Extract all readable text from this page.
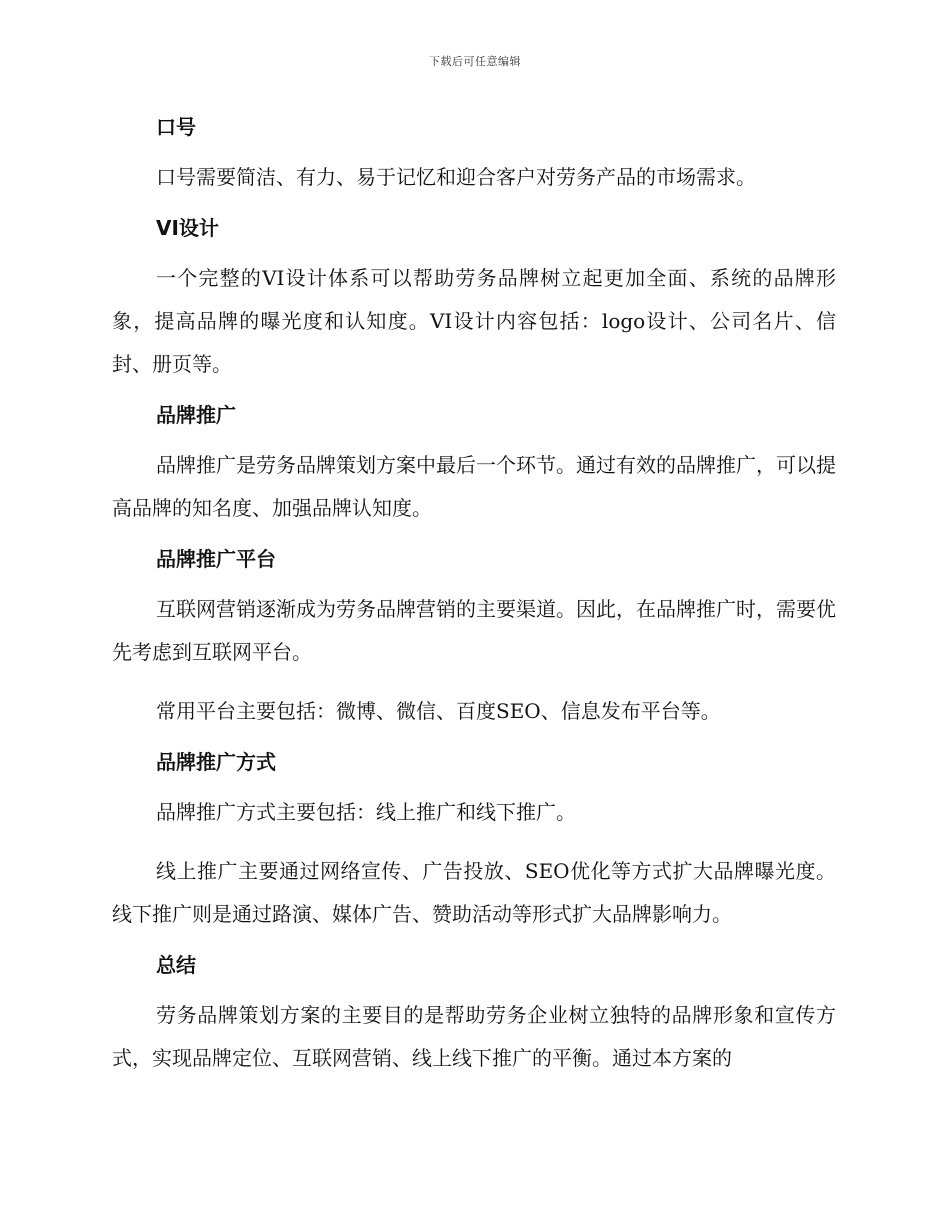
下载后可任意编辑
口号

口号需要简洁、有力、易于记忆和迎合客户对劳务产品的市场需求。

VI设计

一个完整的VI设计体系可以帮助劳务品牌树立起更加全面、系统的品牌形象，提高品牌的曝光度和认知度。VI设计内容包括：logo设计、公司名片、信封、册页等。

品牌推广

品牌推广是劳务品牌策划方案中最后一个环节。通过有效的品牌推广，可以提高品牌的知名度、加强品牌认知度。

品牌推广平台

互联网营销逐渐成为劳务品牌营销的主要渠道。因此，在品牌推广时，需要优先考虑到互联网平台。

常用平台主要包括：微博、微信、百度SEO、信息发布平台等。

品牌推广方式

品牌推广方式主要包括：线上推广和线下推广。

线上推广主要通过网络宣传、广告投放、SEO优化等方式扩大品牌曝光度。线下推广则是通过路演、媒体广告、赞助活动等形式扩大品牌影响力。

总结

劳务品牌策划方案的主要目的是帮助劳务企业树立独特的品牌形象和宣传方式，实现品牌定位、互联网营销、线上线下推广的平衡。通过本方案的
